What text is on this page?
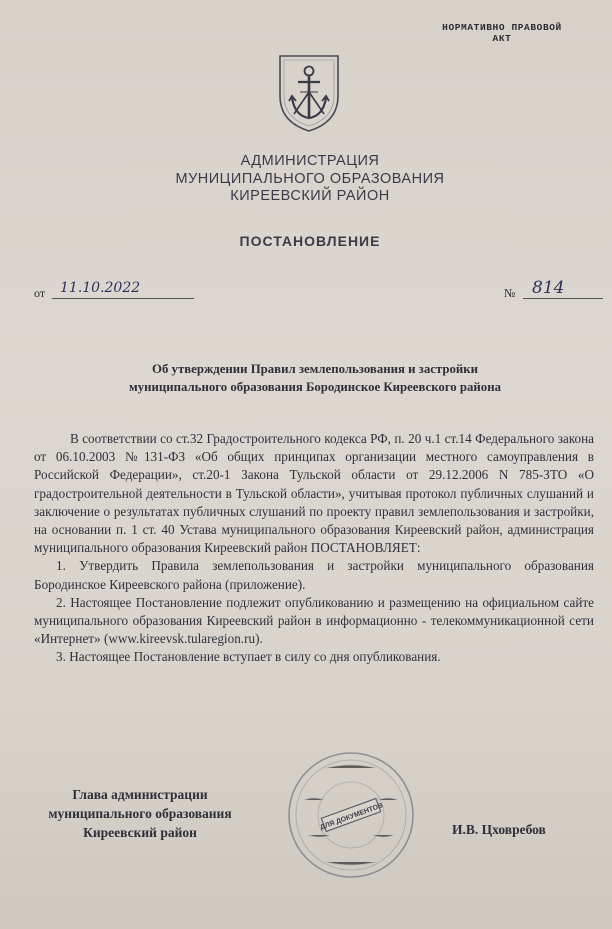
НОРМАТИВНО ПРАВОВОЙ
АКТ
АДМИНИСТРАЦИЯ
МУНИЦИПАЛЬНОГО ОБРАЗОВАНИЯ
КИРЕЕВСКИЙ РАЙОН
ПОСТАНОВЛЕНИЕ
от 11.10.2022	№ 814
Об утверждении Правил землепользования и застройки
муниципального образования Бородинское Киреевского района

В соответствии со ст.32 Градостроительного кодекса РФ, п. 20 ч.1 ст.14 Федерального закона от 06.10.2003 №131-ФЗ «Об общих принципах организации местного самоуправления в Российской Федерации», ст.20-1 Закона Тульской области от 29.12.2006 N 785-ЗТО «О градостроительной деятельности в Тульской области», учитывая протокол публичных слушаний и заключение о результатах публичных слушаний по проекту правил землепользования и застройки, на основании п. 1 ст. 40 Устава муниципального образования Киреевский район, администрация муниципального образования Киреевский район ПОСТАНОВЛЯЕТ:

1. Утвердить Правила землепользования и застройки муниципального образования Бородинское Киреевского района (приложение).

2. Настоящее Постановление подлежит опубликованию и размещению на официальном сайте муниципального образования Киреевский район в информационно - телекоммуникационной сети «Интернет» (www.kireevsk.tularegion.ru).

3. Настоящее Постановление вступает в силу со дня опубликования.

Глава администрации
муниципального образования
Киреевский район
ДЛЯ ДОКУМЕНТОВ	И.В. Цховребов
